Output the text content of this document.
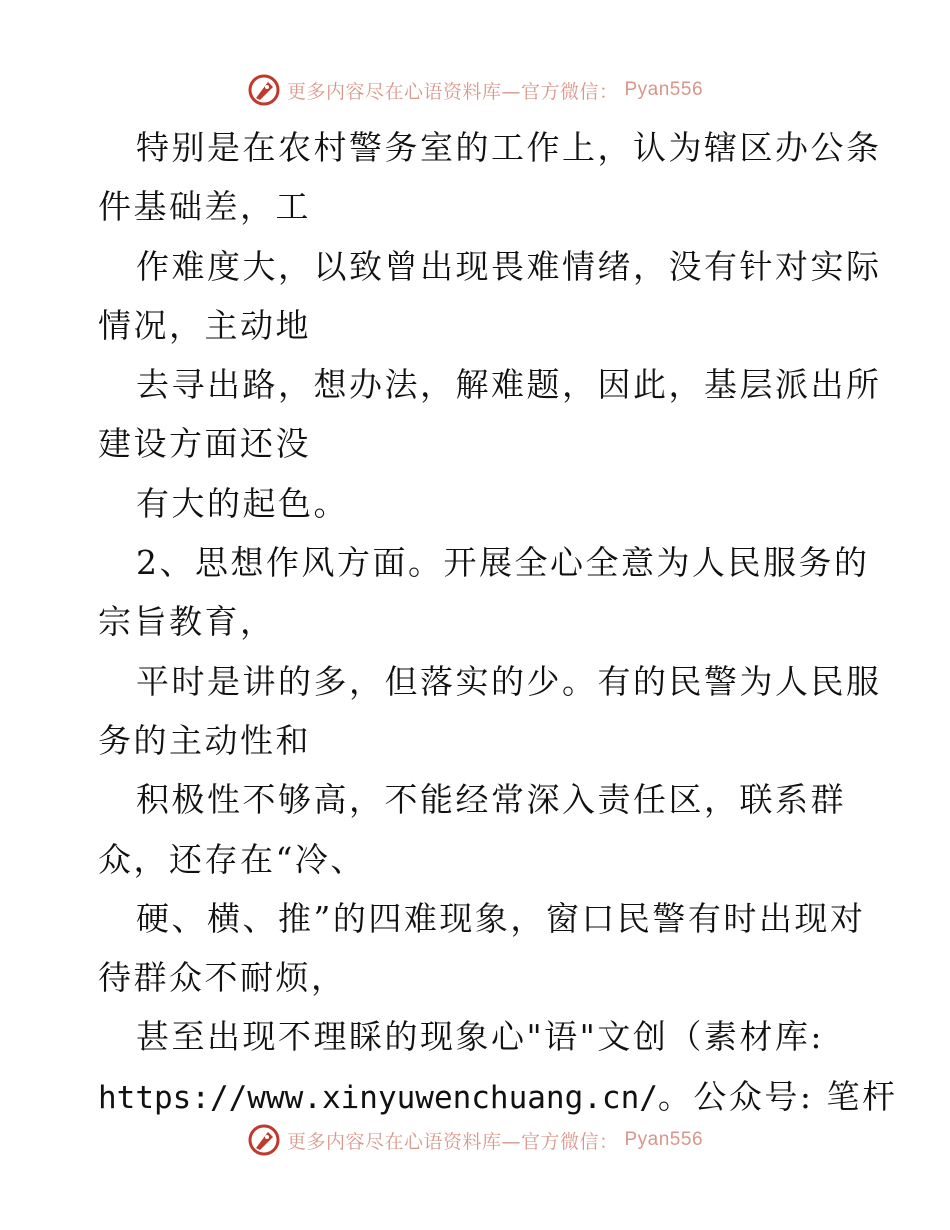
更多内容尽在心语资料库—官方微信： Pyan556
特别是在农村警务室的工作上，认为辖区办公条
件基础差，工
作难度大，以致曾出现畏难情绪，没有针对实际
情况，主动地
去寻出路，想办法，解难题，因此，基层派出所
建设方面还没
有大的起色。
2、思想作风方面。开展全心全意为人民服务的
宗旨教育，
平时是讲的多，但落实的少。有的民警为人民服
务的主动性和
积极性不够高，不能经常深入责任区，联系群
众，还存在“冷、
硬、横、推”的四难现象，窗口民警有时出现对
待群众不耐烦，
甚至出现不理睬的现象心"语"文创（素材库:
https://www.xinyuwenchuang.cn/。公众号: 笔杆
更多内容尽在心语资料库—官方微信： Pyan556
